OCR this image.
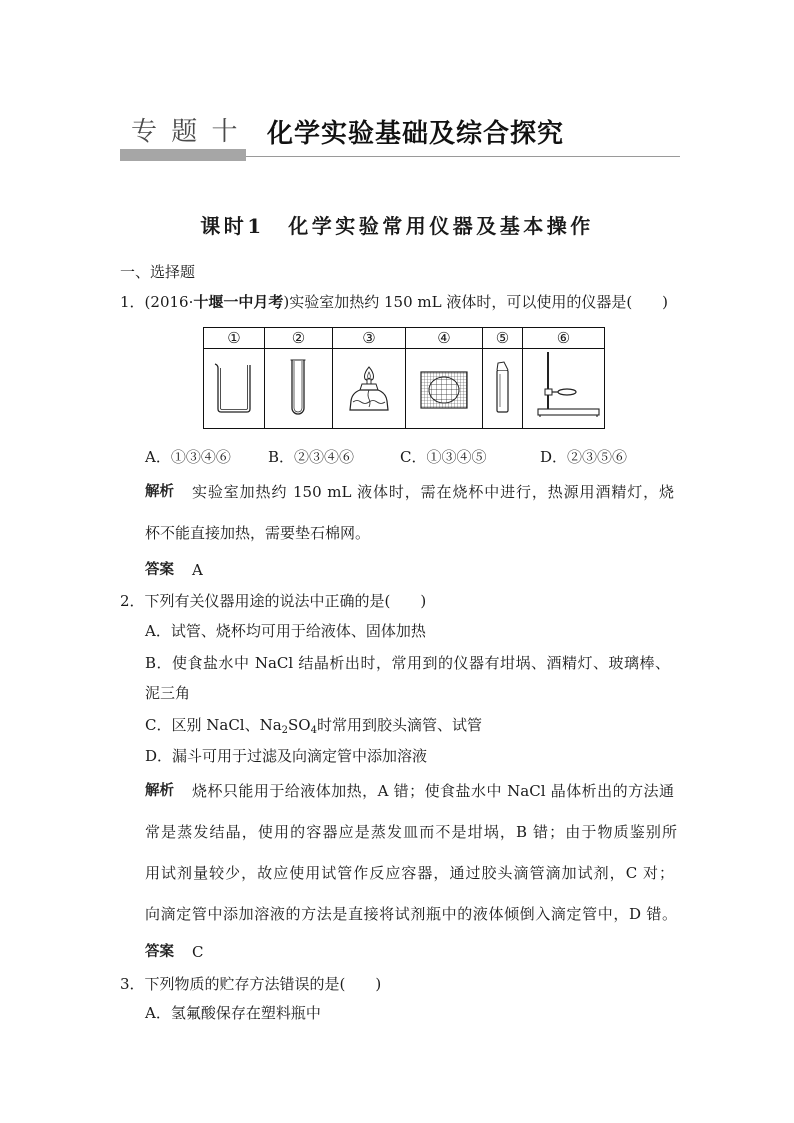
专 题 十 化学实验基础及综合探究
课时1　化学实验常用仪器及基本操作
一、选择题
1．(2016·十堰一中月考)实验室加热约 150 mL 液体时，可以使用的仪器是(　　)
①	②	③	④	⑤	⑥
A．①③④⑥ B．②③④⑥	C．①③④⑤	D．②③⑤⑥
解析 实验室加热约 150 mL 液体时，需在烧杯中进行，热源用酒精灯，烧
杯不能直接加热，需要垫石棉网。
答案 A
2．下列有关仪器用途的说法中正确的是(　　)
A．试管、烧杯均可用于给液体、固体加热
B．使食盐水中 NaCl 结晶析出时，常用到的仪器有坩埚、酒精灯、玻璃棒、
泥三角
C．区别 NaCl、$Na_2SO_4$时常用到胶头滴管、试管
D．漏斗可用于过滤及向滴定管中添加溶液
解析 烧杯只能用于给液体加热，A 错；使食盐水中 NaCl 晶体析出的方法通
常是蒸发结晶，使用的容器应是蒸发皿而不是坩埚，B 错；由于物质鉴别所
用试剂量较少，故应使用试管作反应容器，通过胶头滴管滴加试剂，C 对；
向滴定管中添加溶液的方法是直接将试剂瓶中的液体倾倒入滴定管中，D 错。
答案 C
3．下列物质的贮存方法错误的是(　　)
A．氢氟酸保存在塑料瓶中
